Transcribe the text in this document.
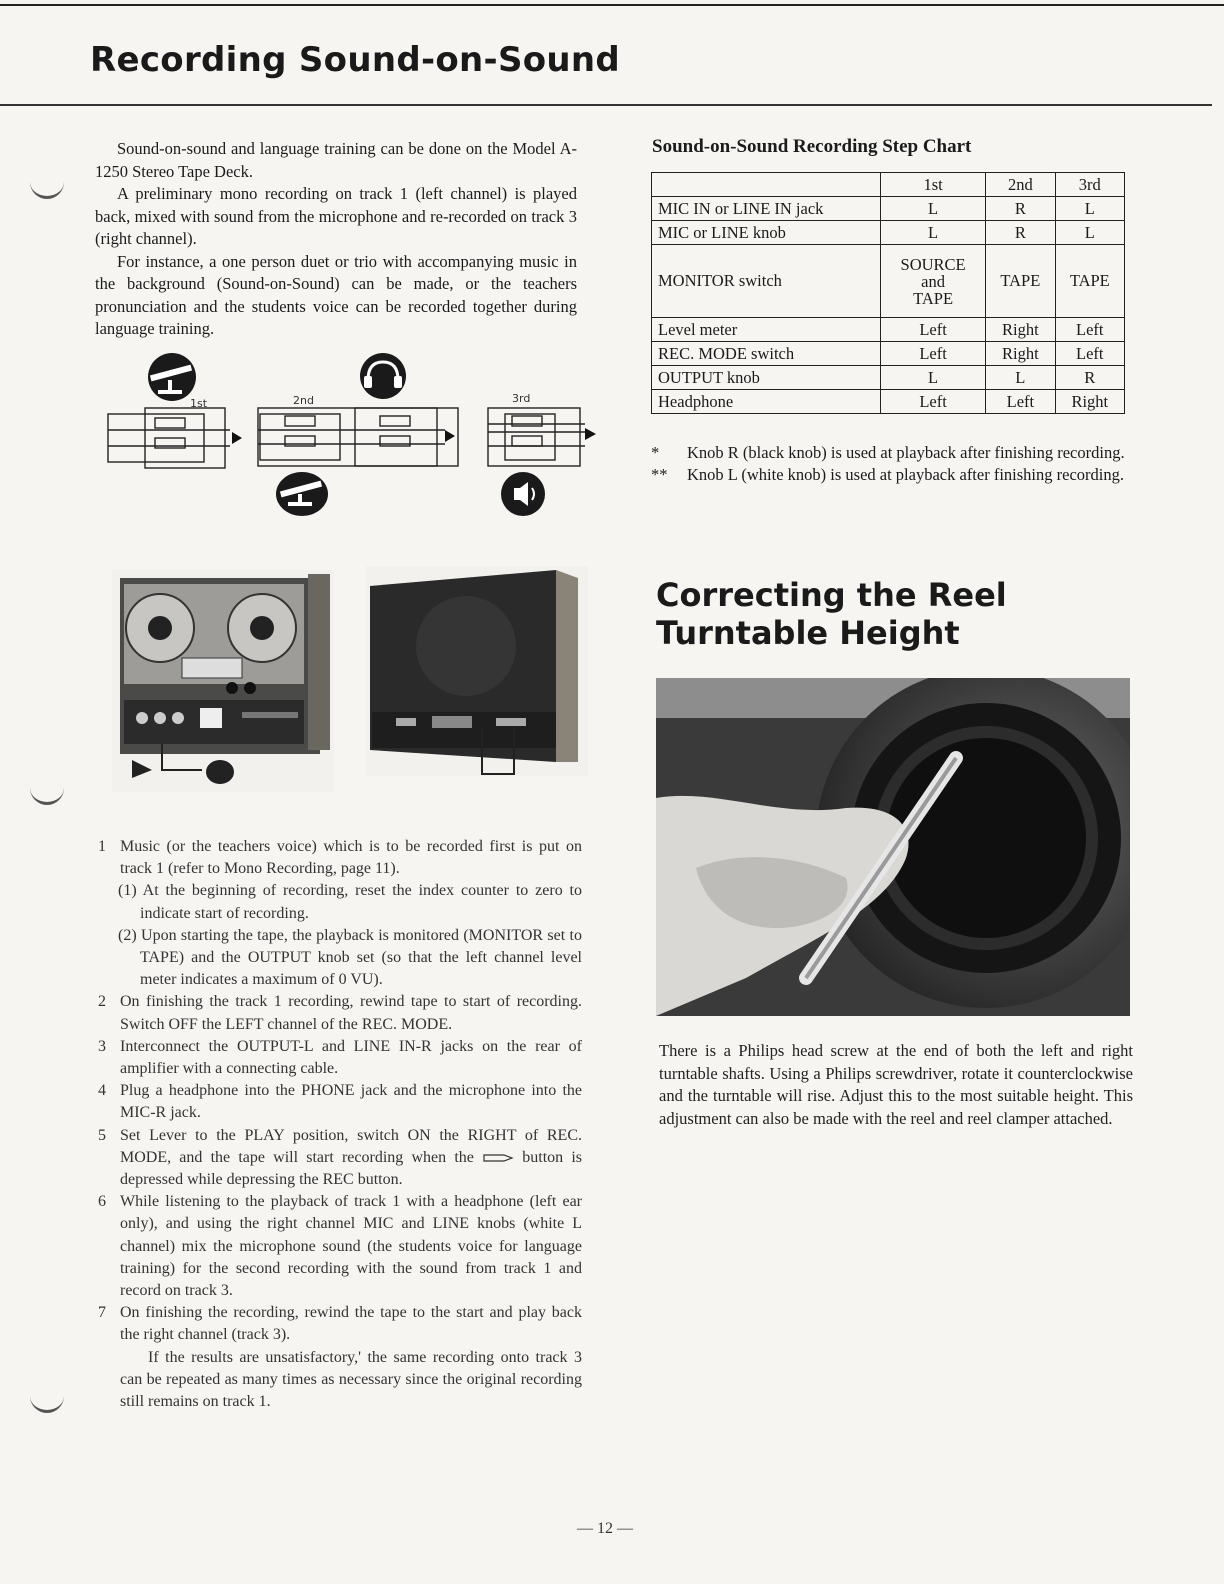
Recording Sound-on-Sound

Sound-on-sound and language training can be done on the Model A-1250 Stereo Tape Deck.

A preliminary mono recording on track 1 (left channel) is played back, mixed with sound from the microphone and re-recorded on track 3 (right channel).

For instance, a one person duet or trio with accompanying music in the background (Sound-on-Sound) can be made, or the teachers pronunciation and the students voice can be recorded together during language training.

1st	2nd	3rd
1 Music (or the teachers voice) which is to be recorded first is put on track 1 (refer to Mono Recording, page 11).
(1) At the beginning of recording, reset the index counter to zero to indicate start of recording.
(2) Upon starting the tape, the playback is monitored (MONITOR set to TAPE) and the OUTPUT knob set (so that the left channel level meter indicates a maximum of 0 VU).
2 On finishing the track 1 recording, rewind tape to start of recording. Switch OFF the LEFT channel of the REC. MODE.
3 Interconnect the OUTPUT-L and LINE IN-R jacks on the rear of amplifier with a connecting cable.
4 Plug a headphone into the PHONE jack and the microphone into the MIC-R jack.
5 Set Lever to the PLAY position, switch ON the RIGHT of REC. MODE, and the tape will start recording when the	button is depressed while depressing the REC button.
6 While listening to the playback of track 1 with a headphone (left ear only), and using the right channel MIC and LINE knobs (white L channel) mix the microphone sound (the students voice for language training) for the second recording with the sound from track 1 and record on track 3.
7 On finishing the recording, rewind the tape to the start and play back the right channel (track 3).
If the results are unsatisfactory,' the same recording onto track 3 can be repeated as many times as necessary since the original recording still remains on track 1.
Sound-on-Sound Recording Step Chart
	1st	2nd	3rd
MIC IN or LINE IN jack	L	R	L
MIC or LINE knob	L	R	L
MONITOR switch	SOURCE
and
TAPE	TAPE	TAPE
Level meter	Left	Right	Left
REC. MODE switch	Left	Right	Left
OUTPUT knob	L	L	R
Headphone	Left	Left	Right
* Knob R (black knob) is used at playback after finishing recording.
** Knob L (white knob) is used at playback after finishing recording.
Correcting the Reel
Turntable Height
There is a Philips head screw at the end of both the left and right turntable shafts. Using a Philips screwdriver, rotate it counterclockwise and the turntable will rise. Adjust this to the most suitable height. This adjustment can also be made with the reel and reel clamper attached.
— 12 —
